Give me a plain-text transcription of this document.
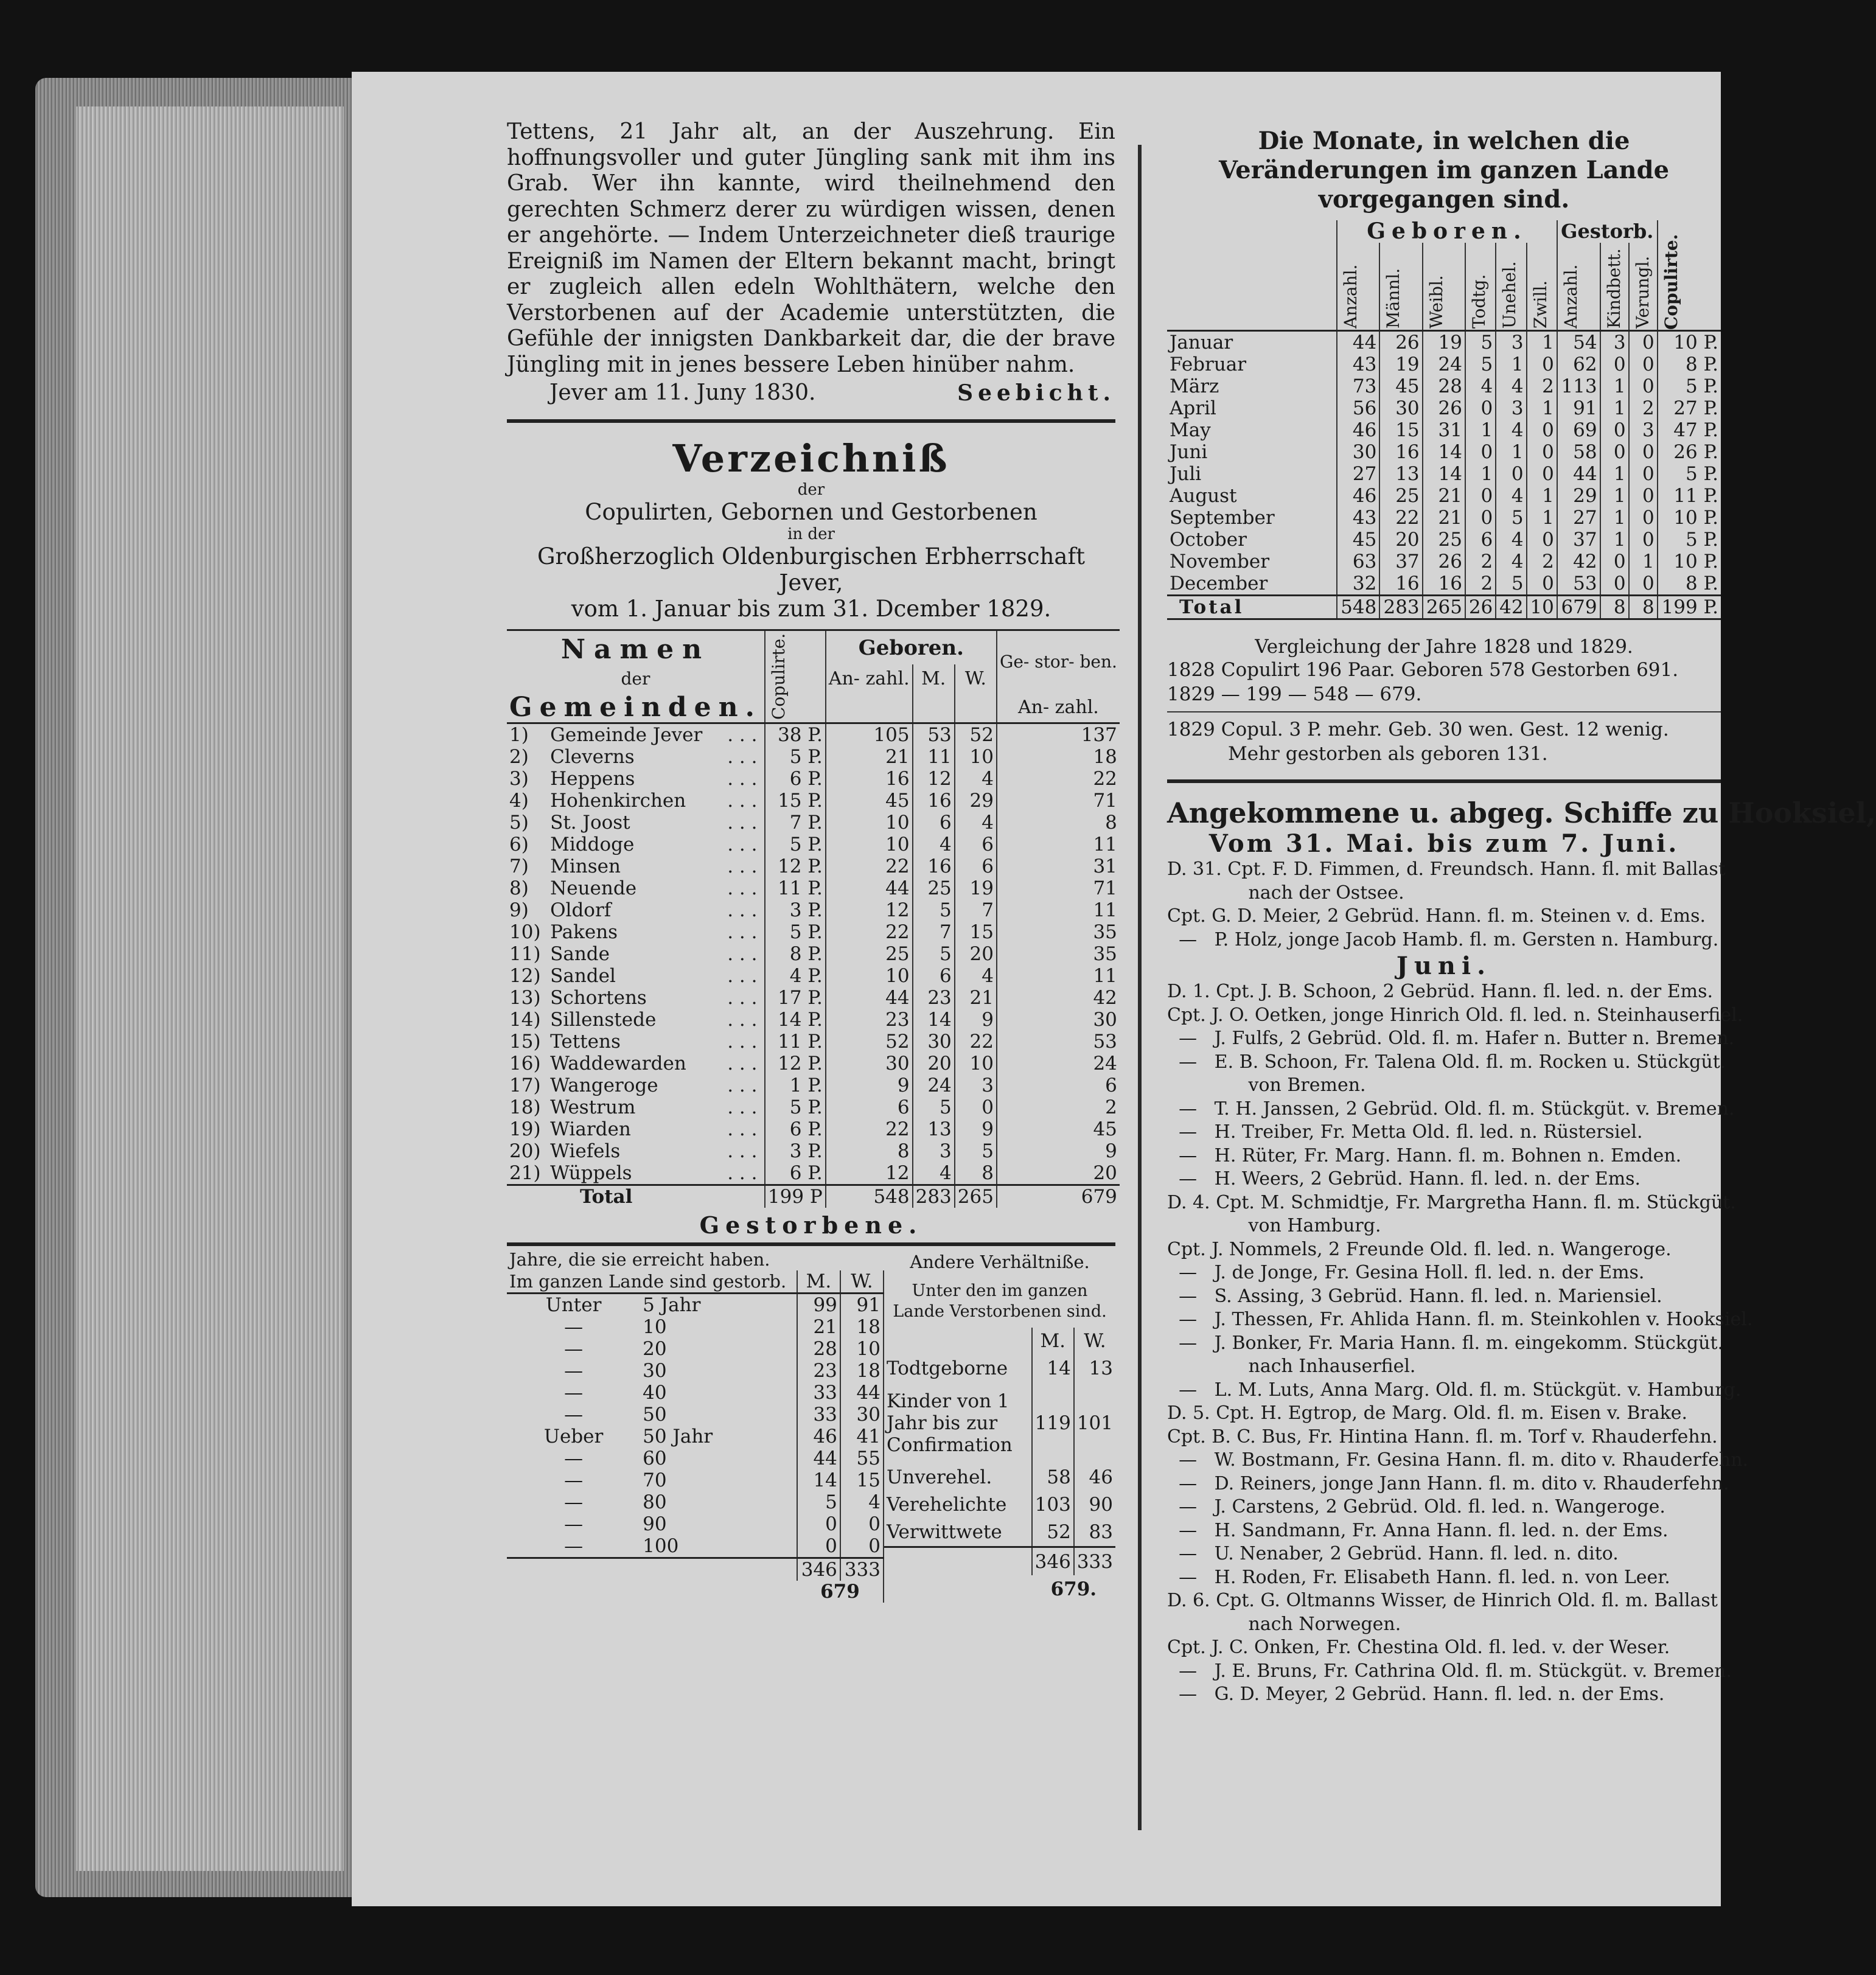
Tettens, 21 Jahr alt, an der Auszehrung. Ein hoffnungsvoller und guter Jüngling sank mit ihm ins Grab. Wer ihn kannte, wird theilnehmend den gerechten Schmerz derer zu würdigen wissen, denen er angehörte. — Indem Unterzeichneter dieß traurige Ereigniß im Namen der Eltern bekannt macht, bringt er zugleich allen edeln Wohlthätern, welche den Verstorbenen auf der Academie unterstützten, die Gefühle der innigsten Dankbarkeit dar, die der brave Jüngling mit in jenes bessere Leben hinüber nahm.

Jever am 11. Juny 1830.	Seebicht.
Verzeichniß
der
Copulirten, Gebornen und Gestorbenen
in der
Großherzoglich Oldenburgischen Erbherrschaft Jever,
vom 1. Januar bis zum 31. Dcember 1829.
Namen			Copulirte.	Geboren.			Ge- stor- ben.
der				An- zahl.	M.	W.	
Gemeinden.							An- zahl.
1)	Gemeinde Jever	. . .	38 P.	105	53	52	137
2)	Cleverns	. . .	5 P.	21	11	10	18
3)	Heppens	. . .	6 P.	16	12	4	22
4)	Hohenkirchen	. . .	15 P.	45	16	29	71
5)	St. Joost	. . .	7 P.	10	6	4	8
6)	Middoge	. . .	5 P.	10	4	6	11
7)	Minsen	. . .	12 P.	22	16	6	31
8)	Neuende	. . .	11 P.	44	25	19	71
9)	Oldorf	. . .	3 P.	12	5	7	11
10)	Pakens	. . .	5 P.	22	7	15	35
11)	Sande	. . .	8 P.	25	5	20	35
12)	Sandel	. . .	4 P.	10	6	4	11
13)	Schortens	. . .	17 P.	44	23	21	42
14)	Sillenstede	. . .	14 P.	23	14	9	30
15)	Tettens	. . .	11 P.	52	30	22	53
16)	Waddewarden	. . .	12 P.	30	20	10	24
17)	Wangeroge	. . .	1 P.	9	24	3	6
18)	Westrum	. . .	5 P.	6	5	0	2
19)	Wiarden	. . .	6 P.	22	13	9	45
20)	Wiefels	. . .	3 P.	8	3	5	9
21)	Wüppels	. . .	6 P.	12	4	8	20
Total			199 P	548	283	265	679
Gestorbene.
Jahre, die sie erreicht haben.			
Im ganzen Lande sind gestorb.		M.	W.
Unter	5 Jahr	99	91
—	10	21	18
—	20	28	10
—	30	23	18
—	40	33	44
—	50	33	30
Ueber	50 Jahr	46	41
—	60	44	55
—	70	14	15
—	80	5	4
—	90	0	0
—	100	0	0
		346	333
		679	
Andere Verhältniße.		
Unter den im ganzen Lande Verstorbenen sind.		
	M.	W.
Todtgeborne	14	13
Kinder von 1 Jahr bis zur Confirmation	119	101
Unverehel.	58	46
Verehelichte	103	90
Verwittwete	52	83
	346	333
	679.	
Die Monate, in welchen die Veränderungen im ganzen Lande vorgegangen sind.
	Geboren.						Gestorb.			Copulirte.

	Anzahl.	Männl.	Weibl.	Todtg.	Unehel.	Zwill.	Anzahl.	Kindbett.	Verungl.	

Januar	44	26	19	5	3	1	54	3	0	10 P.
Februar	43	19	24	5	1	0	62	0	0	8 P.
März	73	45	28	4	4	2	113	1	0	5 P.
April	56	30	26	0	3	1	91	1	2	27 P.
May	46	15	31	1	4	0	69	0	3	47 P.
Juni	30	16	14	0	1	0	58	0	0	26 P.
Juli	27	13	14	1	0	0	44	1	0	5 P.
August	46	25	21	0	4	1	29	1	0	11 P.
September	43	22	21	0	5	1	27	1	0	10 P.
October	45	20	25	6	4	0	37	1	0	5 P.
November	63	37	26	2	4	2	42	0	1	10 P.
December	32	16	16	2	5	0	53	0	0	8 P.
Total	548	283	265	26	42	10	679	8	8	199 P.
Vergleichung der Jahre 1828 und 1829.
1828 Copulirt 196 Paar. Geboren 578 Gestorben 691.
1829 — 199 — 548 — 679.
1829 Copul. 3 P. mehr. Geb. 30 wen. Gest. 12 wenig.
Mehr gestorben als geboren 131.
Angekommene u. abgeg. Schiffe zu Hooksiel,
Vom 31. Mai. bis zum 7. Juni.
D. 31. Cpt. F. D. Fimmen, d. Freundsch. Hann. fl. mit Ballast
nach der Ostsee.
Cpt. G. D. Meier, 2 Gebrüd. Hann. fl. m. Steinen v. d. Ems.
—   P. Holz, jonge Jacob Hamb. fl. m. Gersten n. Hamburg.
Juni.
D. 1. Cpt. J. B. Schoon, 2 Gebrüd. Hann. fl. led. n. der Ems.
Cpt. J. O. Oetken, jonge Hinrich Old. fl. led. n. Steinhauserfiel.
—   J. Fulfs, 2 Gebrüd. Old. fl. m. Hafer n. Butter n. Bremen.
—   E. B. Schoon, Fr. Talena Old. fl. m. Rocken u. Stückgüt.
von Bremen.
—   T. H. Janssen, 2 Gebrüd. Old. fl. m. Stückgüt. v. Bremen.
—   H. Treiber, Fr. Metta Old. fl. led. n. Rüstersiel.
—   H. Rüter, Fr. Marg. Hann. fl. m. Bohnen n. Emden.
—   H. Weers, 2 Gebrüd. Hann. fl. led. n. der Ems.
D. 4. Cpt. M. Schmidtje, Fr. Margretha Hann. fl. m. Stückgüt.
von Hamburg.
Cpt. J. Nommels, 2 Freunde Old. fl. led. n. Wangeroge.
—   J. de Jonge, Fr. Gesina Holl. fl. led. n. der Ems.
—   S. Assing, 3 Gebrüd. Hann. fl. led. n. Mariensiel.
—   J. Thessen, Fr. Ahlida Hann. fl. m. Steinkohlen v. Hooksiel.
—   J. Bonker, Fr. Maria Hann. fl. m. eingekomm. Stückgüt.
nach Inhauserfiel.
—   L. M. Luts, Anna Marg. Old. fl. m. Stückgüt. v. Hamburg.
D. 5. Cpt. H. Egtrop, de Marg. Old. fl. m. Eisen v. Brake.
Cpt. B. C. Bus, Fr. Hintina Hann. fl. m. Torf v. Rhauderfehn.
—   W. Bostmann, Fr. Gesina Hann. fl. m. dito v. Rhauderfehn.
—   D. Reiners, jonge Jann Hann. fl. m. dito v. Rhauderfehn.
—   J. Carstens, 2 Gebrüd. Old. fl. led. n. Wangeroge.
—   H. Sandmann, Fr. Anna Hann. fl. led. n. der Ems.
—   U. Nenaber, 2 Gebrüd. Hann. fl. led. n. dito.
—   H. Roden, Fr. Elisabeth Hann. fl. led. n. von Leer.
D. 6. Cpt. G. Oltmanns Wisser, de Hinrich Old. fl. m. Ballast
nach Norwegen.
Cpt. J. C. Onken, Fr. Chestina Old. fl. led. v. der Weser.
—   J. E. Bruns, Fr. Cathrina Old. fl. m. Stückgüt. v. Bremen.
—   G. D. Meyer, 2 Gebrüd. Hann. fl. led. n. der Ems.
